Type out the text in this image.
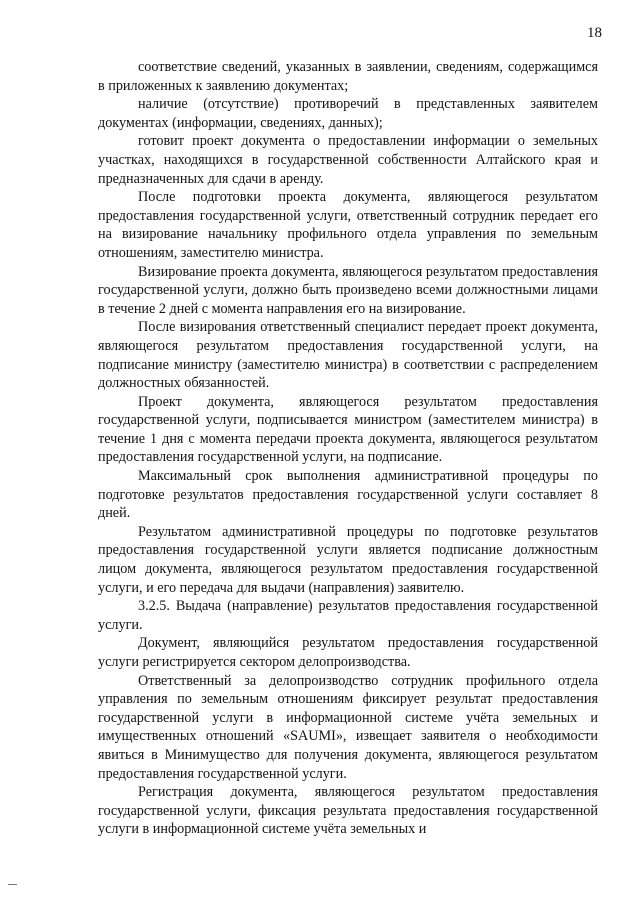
18

соответствие сведений, указанных в заявлении, сведениям, содержащимся в приложенных к заявлению документах;

наличие (отсутствие) противоречий в представленных заявителем документах (информации, сведениях, данных);

готовит проект документа о предоставлении информации о земельных участках, находящихся в государственной собственности Алтайского края и предназначенных для сдачи в аренду.

После подготовки проекта документа, являющегося результатом предоставления государственной услуги, ответственный сотрудник передает его на визирование начальнику профильного отдела управления по земельным отношениям, заместителю министра.

Визирование проекта документа, являющегося результатом предоставления государственной услуги, должно быть произведено всеми должностными лицами в течение 2 дней с момента направления его на визирование.

После визирования ответственный специалист передает проект документа, являющегося результатом предоставления государственной услуги, на подписание министру (заместителю министра) в соответствии с распределением должностных обязанностей.

Проект документа, являющегося результатом предоставления государственной услуги, подписывается министром (заместителем министра) в течение 1 дня с момента передачи проекта документа, являющегося результатом предоставления государственной услуги, на подписание.

Максимальный срок выполнения административной процедуры по подготовке результатов предоставления государственной услуги составляет 8 дней.

Результатом административной процедуры по подготовке результатов предоставления государственной услуги является подписание должностным лицом документа, являющегося результатом предоставления государственной услуги, и его передача для выдачи (направления) заявителю.

3.2.5. Выдача (направление) результатов предоставления государственной услуги.

Документ, являющийся результатом предоставления государственной услуги регистрируется сектором делопроизводства.

Ответственный за делопроизводство сотрудник профильного отдела управления по земельным отношениям фиксирует результат предоставления государственной услуги в информационной системе учёта земельных и имущественных отношений «SAUMI», извещает заявителя о необходимости явиться в Минимущество для получения документа, являющегося результатом предоставления государственной услуги.

Регистрация документа, являющегося результатом предоставления государственной услуги, фиксация результата предоставления государственной услуги в информационной системе учёта земельных и
